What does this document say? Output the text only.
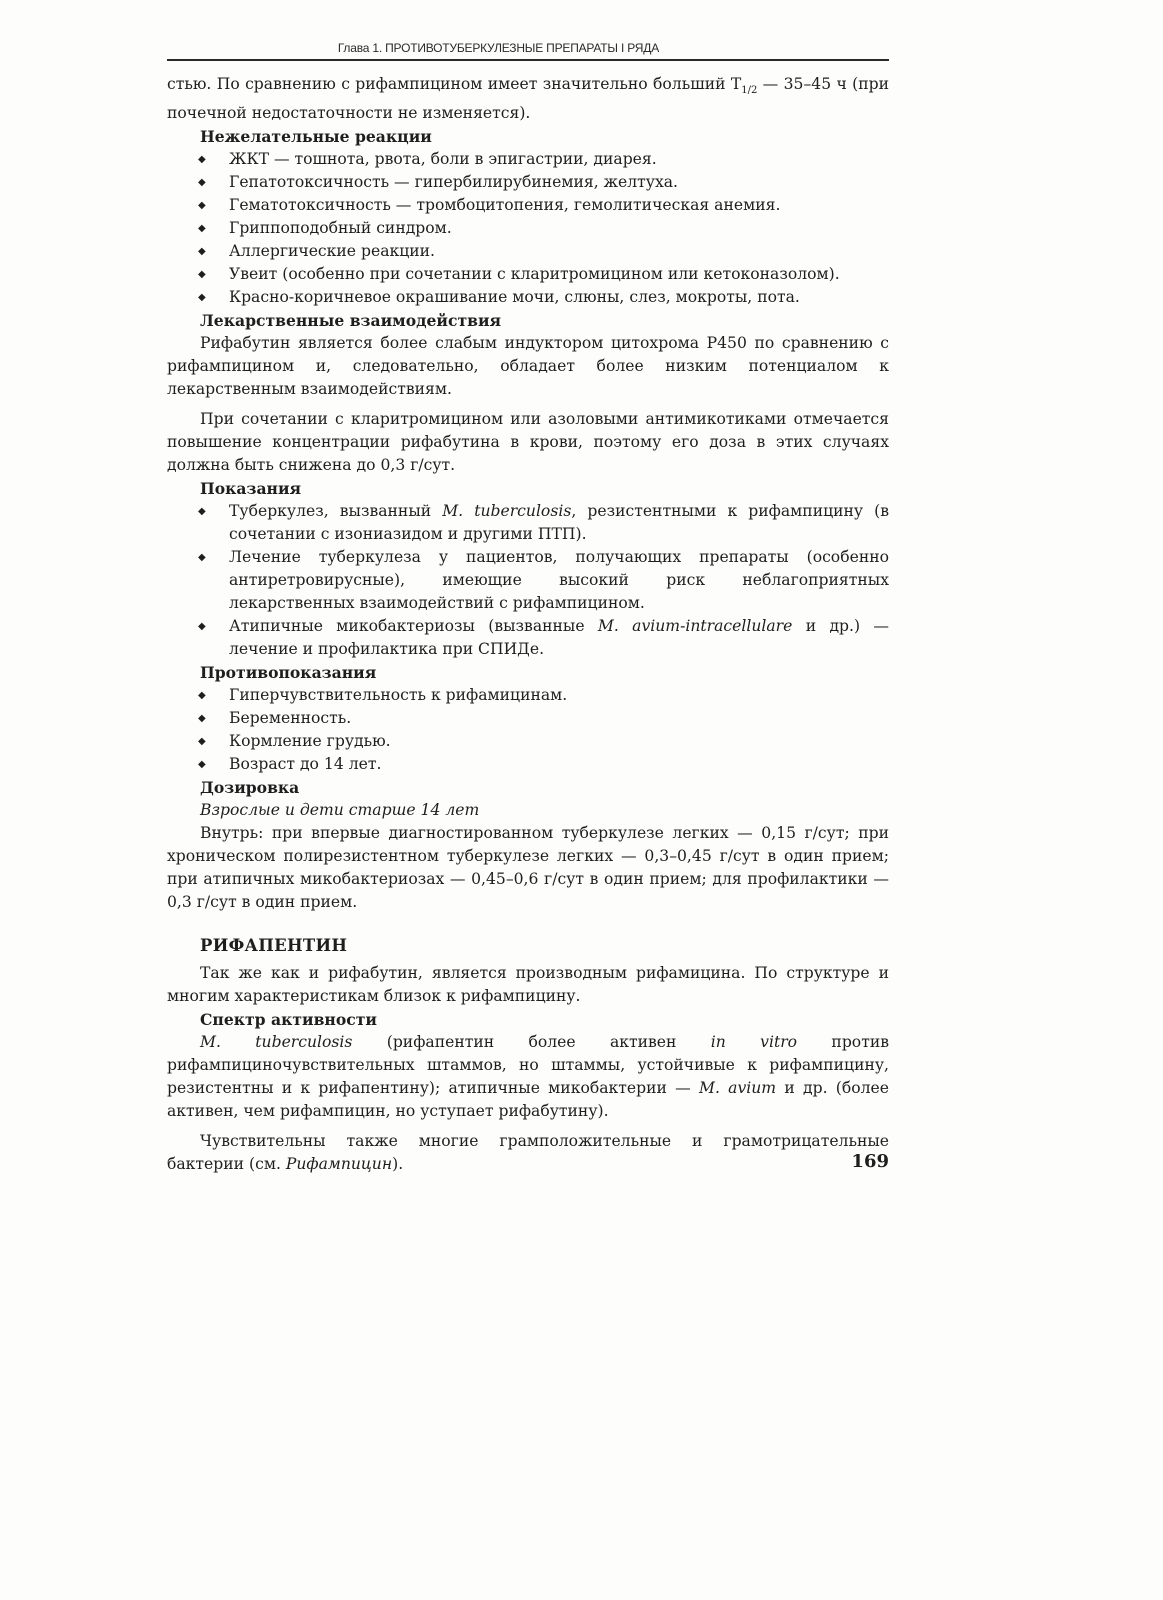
Глава 1. ПРОТИВОТУБЕРКУЛЕЗНЫЕ ПРЕПАРАТЫ I РЯДА

стью. По сравнению с рифампицином имеет значительно больший $T_{1/2}$ — 35–45 ч (при почечной недостаточности не изменяется).

Нежелательные реакции
◆ ЖКТ — тошнота, рвота, боли в эпигастрии, диарея.
◆ Гепатотоксичность — гипербилирубинемия, желтуха.
◆ Гематотоксичность — тромбоцитопения, гемолитическая анемия.
◆ Гриппоподобный синдром.
◆ Аллергические реакции.
◆ Увеит (особенно при сочетании с кларитромицином или кетоконазолом).
◆ Красно-коричневое окрашивание мочи, слюны, слез, мокроты, пота.
Лекарственные взаимодействия

Рифабутин является более слабым индуктором цитохрома Р450 по сравнению с рифампицином и, следовательно, обладает более низким потенциалом к лекарственным взаимодействиям.

При сочетании с кларитромицином или азоловыми антимикотиками отмечается повышение концентрации рифабутина в крови, поэтому его доза в этих случаях должна быть снижена до 0,3 г/сут.

Показания
◆ Туберкулез, вызванный M. tuberculosis, резистентными к рифампицину (в сочетании с изониазидом и другими ПТП).
◆ Лечение туберкулеза у пациентов, получающих препараты (особенно антиретровирусные), имеющие высокий риск неблагоприятных лекарственных взаимодействий с рифампицином.
◆ Атипичные микобактериозы (вызванные M. avium-intracellulare и др.) — лечение и профилактика при СПИДе.
Противопоказания
◆ Гиперчувствительность к рифамицинам.
◆ Беременность.
◆ Кормление грудью.
◆ Возраст до 14 лет.
Дозировка
Взрослые и дети старше 14 лет

Внутрь: при впервые диагностированном туберкулезе легких — 0,15 г/сут; при хроническом полирезистентном туберкулезе легких — 0,3–0,45 г/сут в один прием; при атипичных микобактериозах — 0,45–0,6 г/сут в один прием; для профилактики — 0,3 г/сут в один прием.

РИФАПЕНТИН

Так же как и рифабутин, является производным рифамицина. По структуре и многим характеристикам близок к рифампицину.

Спектр активности

M. tuberculosis (рифапентин более активен in vitro против рифампициночувствительных штаммов, но штаммы, устойчивые к рифампицину, резистентны и к рифапентину); атипичные микобактерии — M. avium и др. (более активен, чем рифампицин, но уступает рифабутину).

Чувствительны также многие грамположительные и грамотрицательные бактерии (см. Рифампицин).	169
